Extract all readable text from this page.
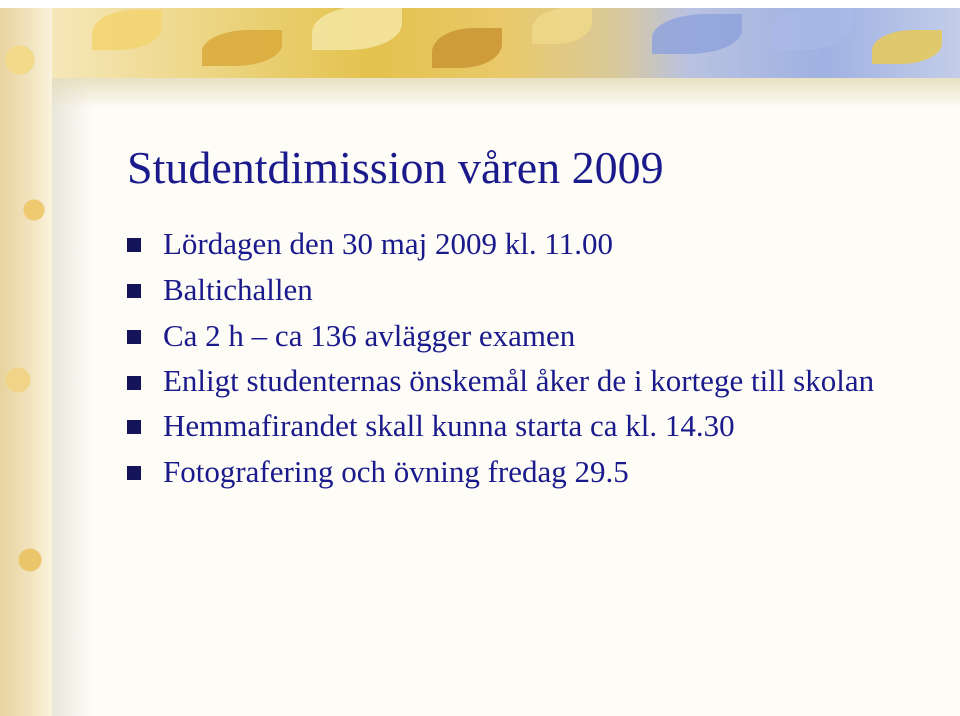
Studentdimission våren 2009
Lördagen den 30 maj 2009 kl. 11.00
Baltichallen
Ca 2 h – ca 136 avlägger examen
Enligt studenternas önskemål åker de i kortege till skolan
Hemmafirandet skall kunna starta ca kl. 14.30
Fotografering och övning fredag 29.5
